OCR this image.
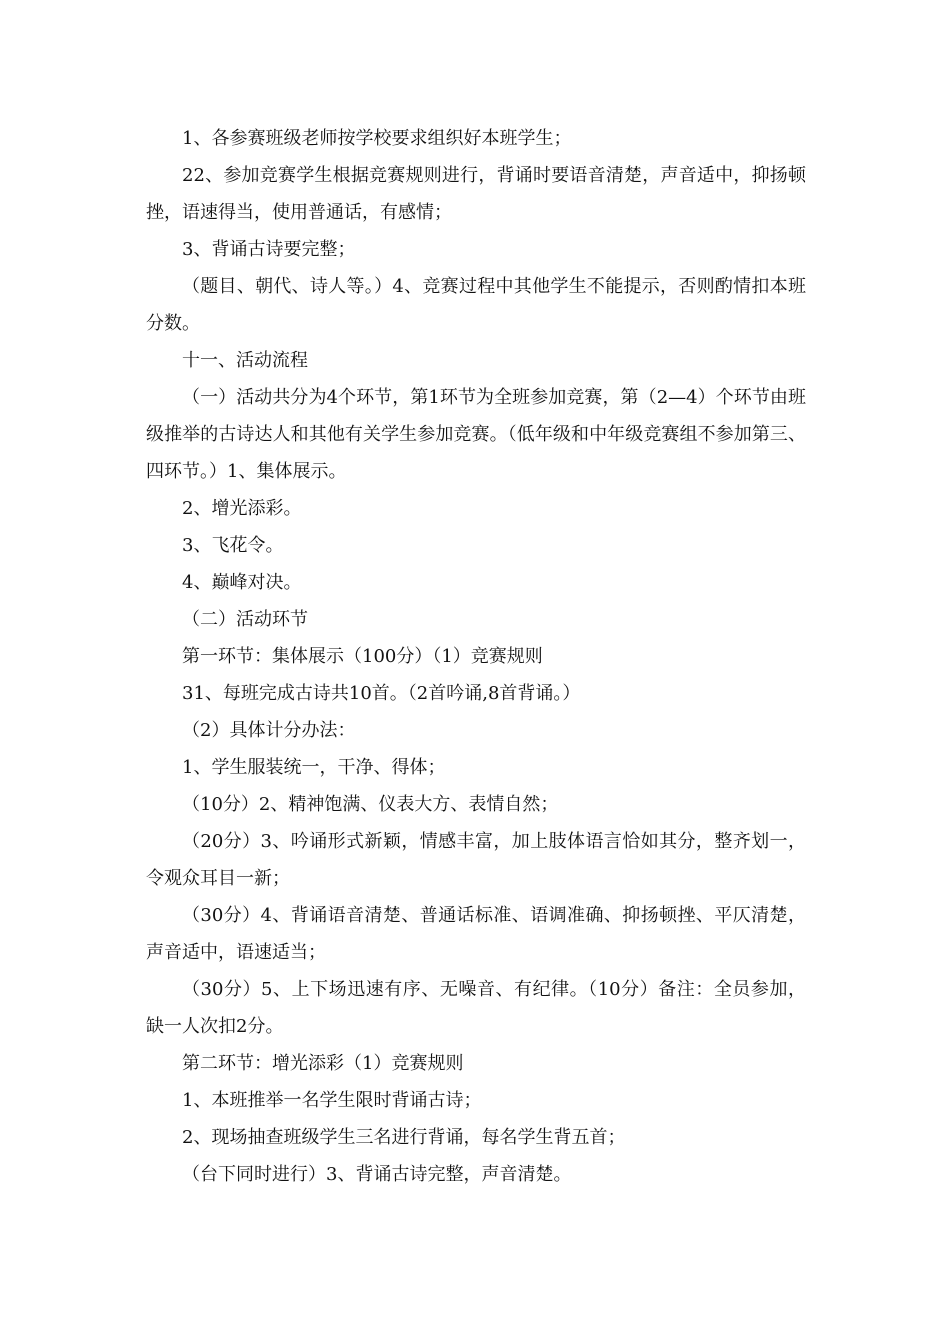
1、各参赛班级老师按学校要求组织好本班学生；

22、参加竞赛学生根据竞赛规则进行，背诵时要语音清楚，声音适中，抑扬顿挫，语速得当，使用普通话，有感情；

3、背诵古诗要完整；

（题目、朝代、诗人等。）4、竞赛过程中其他学生不能提示，否则酌情扣本班分数。

十一、活动流程

（一）活动共分为4个环节，第1环节为全班参加竞赛，第（2—4）个环节由班级推举的古诗达人和其他有关学生参加竞赛。（低年级和中年级竞赛组不参加第三、四环节。）1、集体展示。

2、增光添彩。

3、飞花令。

4、巅峰对决。

（二）活动环节

第一环节：集体展示（100分）（1）竞赛规则

31、每班完成古诗共10首。（2首吟诵,8首背诵。）

（2）具体计分办法：

1、学生服装统一，干净、得体；

（10分）2、精神饱满、仪表大方、表情自然；

（20分）3、吟诵形式新颖，情感丰富，加上肢体语言恰如其分，整齐划一，令观众耳目一新；

（30分）4、背诵语音清楚、普通话标准、语调准确、抑扬顿挫、平仄清楚，声音适中，语速适当；

（30分）5、上下场迅速有序、无噪音、有纪律。（10分）备注：全员参加，缺一人次扣2分。

第二环节：增光添彩（1）竞赛规则

1、本班推举一名学生限时背诵古诗；

2、现场抽查班级学生三名进行背诵，每名学生背五首；

（台下同时进行）3、背诵古诗完整，声音清楚。
